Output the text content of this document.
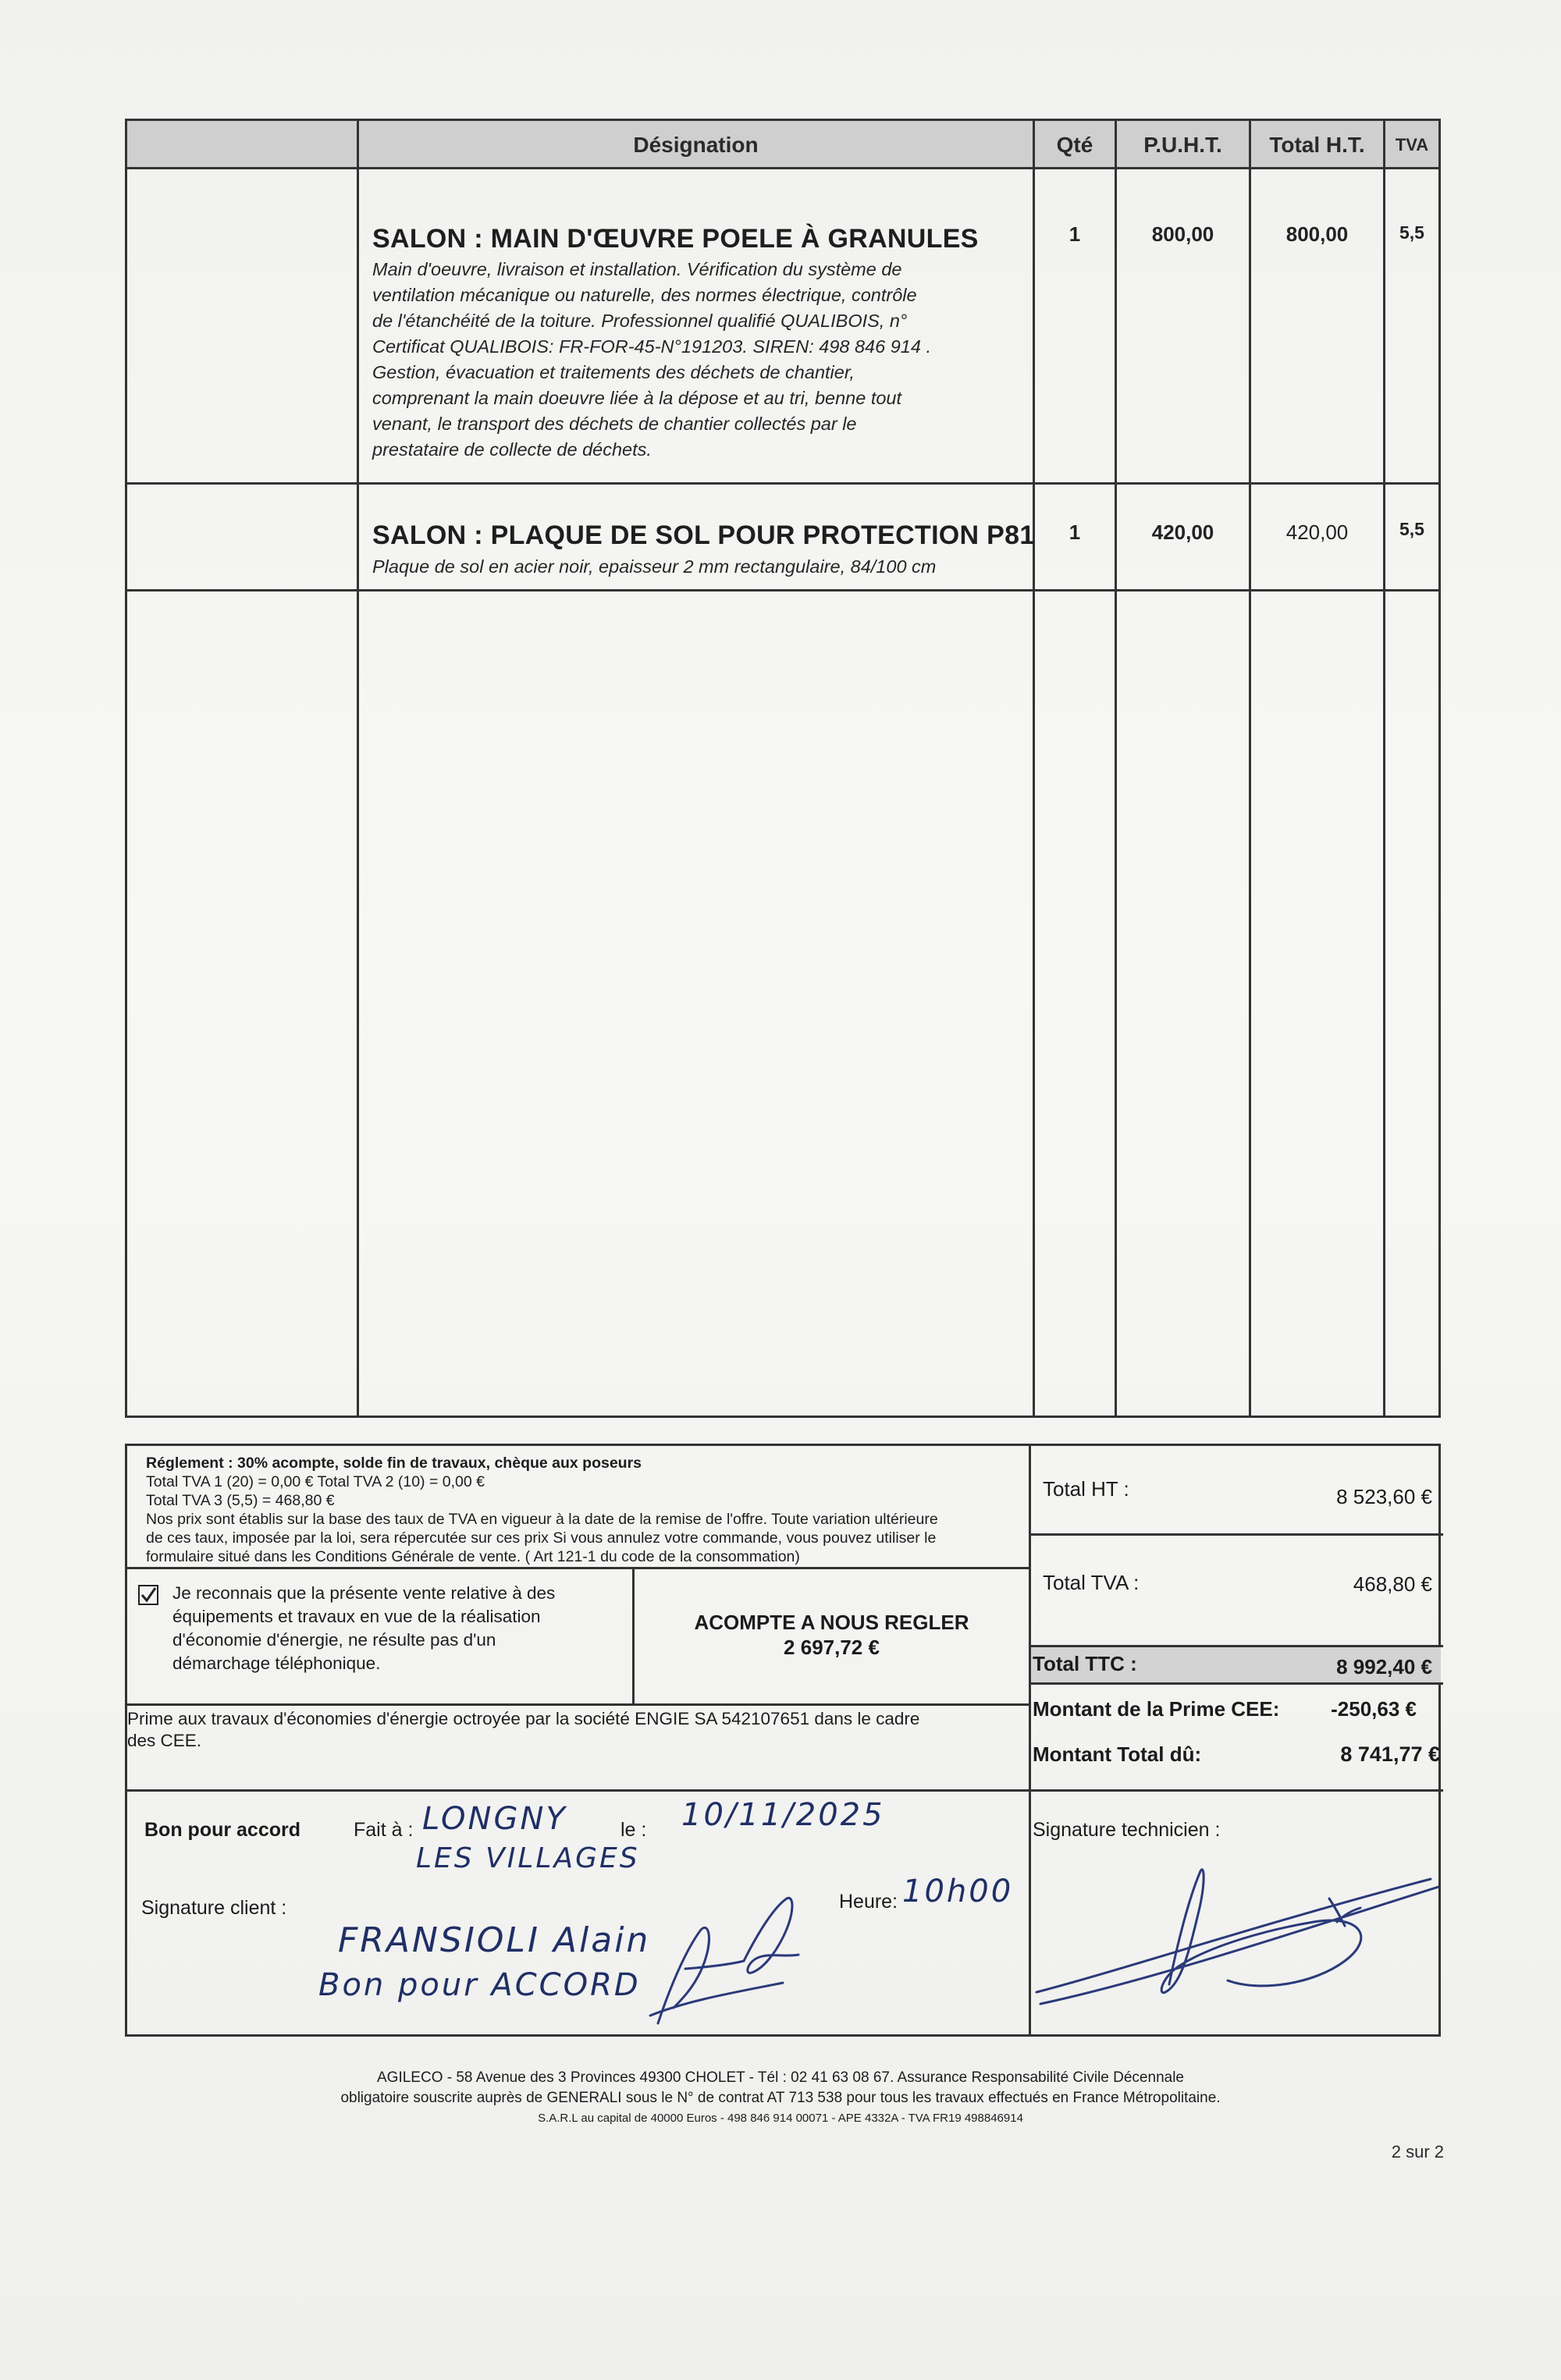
Désignation	Qté	P.U.H.T.	Total H.T.	TVA
SALON : MAIN D'ŒUVRE POELE À GRANULES
Main d'oeuvre, livraison et installation. Vérification du système de
ventilation mécanique ou naturelle, des normes électrique, contrôle
de l'étanchéité de la toiture. Professionnel qualifié QUALIBOIS, n°
Certificat QUALIBOIS: FR-FOR-45-N°191203. SIREN: 498 846 914 .
Gestion, évacuation et traitements des déchets de chantier,
comprenant la main doeuvre liée à la dépose et au tri, benne tout
venant, le transport des déchets de chantier collectés par le
prestataire de collecte de déchets.
1	800,00	800,00	5,5
SALON : PLAQUE DE SOL POUR PROTECTION P81
Plaque de sol en acier noir, epaisseur 2 mm rectangulaire, 84/100 cm
1	420,00	420,00	5,5
Réglement : 30% acompte, solde fin de travaux, chèque aux poseurs
Total TVA 1 (20) = 0,00 € Total TVA 2 (10) = 0,00 €
Total TVA 3 (5,5) = 468,80 €
Nos prix sont établis sur la base des taux de TVA en vigueur à la date de la remise de l'offre. Toute variation ultérieure
de ces taux, imposée par la loi, sera répercutée sur ces prix Si vous annulez votre commande, vous pouvez utiliser le
formulaire situé dans les Conditions Générale de vente. ( Art 121-1 du code de la consommation)
Je reconnais que la présente vente relative à des
équipements et travaux en vue de la réalisation
d'économie d'énergie, ne résulte pas d'un
démarchage téléphonique.
ACOMPTE A NOUS REGLER
2 697,72 €
Total HT :	8 523,60 €
Total TVA :	468,80 €
Total TTC :	8 992,40 €
Montant de la Prime CEE:	-250,63 €
Montant Total dû:	8 741,77 €
Prime aux travaux d'économies d'énergie octroyée par la société ENGIE SA 542107651 dans le cadre
des CEE.
Bon pour accord	Fait à : LONGNY
LES VILLAGES
le : 10/11/2025
Heure: 10h00
Signature client :
FRANSIOLI Alain
Bon pour ACCORD
Signature technicien :
AGILECO - 58 Avenue des 3 Provinces 49300 CHOLET - Tél : 02 41 63 08 67. Assurance Responsabilité Civile Décennale
obligatoire souscrite auprès de GENERALI sous le N° de contrat AT 713 538 pour tous les travaux effectués en France Métropolitaine.
S.A.R.L au capital de 40000 Euros - 498 846 914 00071 - APE 4332A - TVA FR19 498846914
2 sur 2
